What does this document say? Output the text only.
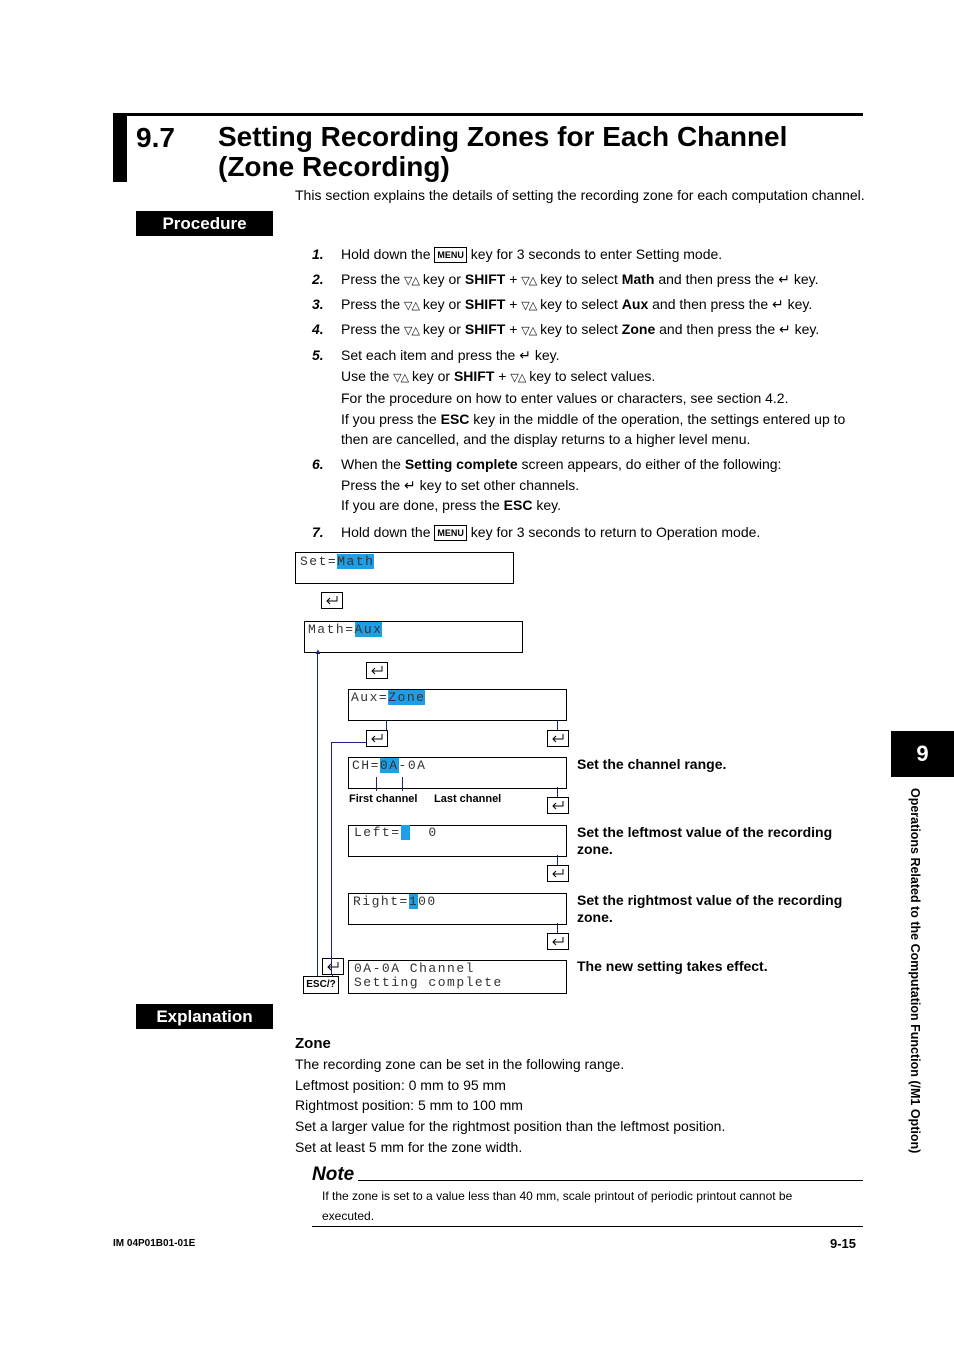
9.7 Setting Recording Zones for Each Channel
(Zone Recording)
This section explains the details of setting the recording zone for each computation channel.
Procedure
1. Hold down the MENU key for 3 seconds to enter Setting mode.
2. Press the ▽△ key or SHIFT + ▽△ key to select Math and then press the ↵ key.
3. Press the ▽△ key or SHIFT + ▽△ key to select Aux and then press the ↵ key.
4. Press the ▽△ key or SHIFT + ▽△ key to select Zone and then press the ↵ key.
5. Set each item and press the ↵ key.
Use the ▽△ key or SHIFT + ▽△ key to select values.
For the procedure on how to enter values or characters, see section 4.2.
If you press the ESC key in the middle of the operation, the settings entered up to
then are cancelled, and the display returns to a higher level menu.
6. When the Setting complete screen appears, do either of the following:
Press the ↵ key to set other channels.
If you are done, press the ESC key.
7. Hold down the MENU key for 3 seconds to return to Operation mode.
Set=Math
Math=Aux
Aux=Zone
CH=0A-0A	Set the channel range.
First channel Last channel
Left=   0	Set the leftmost value of the recording zone.
Right=100	Set the rightmost value of the recording zone.
0A-0A Channel
Setting complete
The new setting takes effect.
ESC/?
▲
Explanation
Zone
The recording zone can be set in the following range.
Leftmost position: 0 mm to 95 mm
Rightmost position: 5 mm to 100 mm
Set a larger value for the rightmost position than the leftmost position.
Set at least 5 mm for the zone width.
Note
If the zone is set to a value less than 40 mm, scale printout of periodic printout cannot be
executed.
9
Operations Related to the Computation Function (/M1 Option)
IM 04P01B01-01E	9-15
